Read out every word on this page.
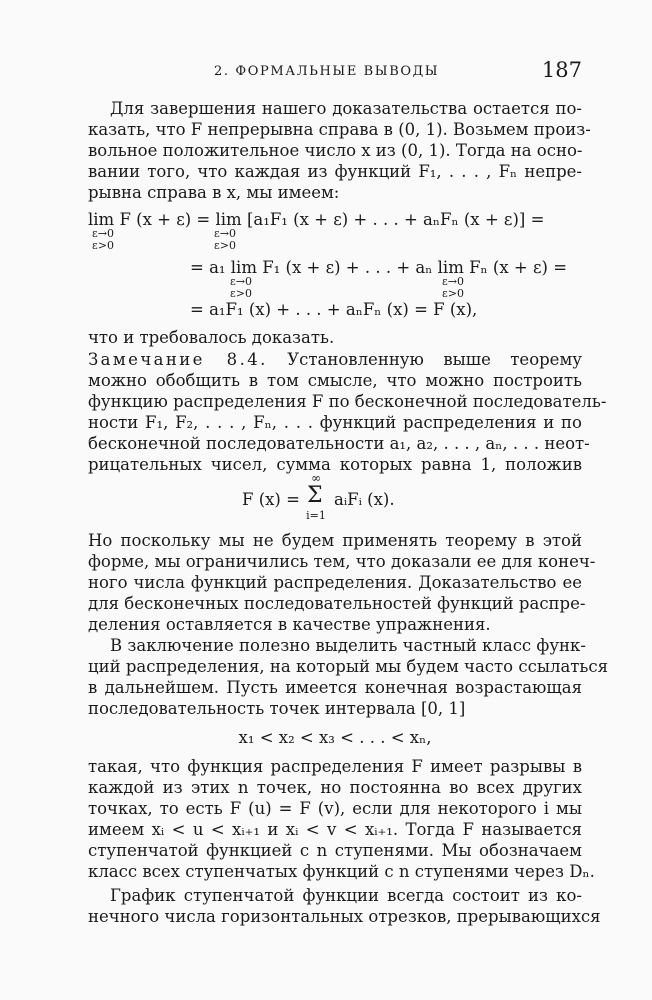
2. ФОРМАЛЬНЫЕ ВЫВОДЫ	187
Для завершения нашего доказательства остается по-
казать, что F непрерывна справа в (0, 1). Возьмем произ-
вольное положительное число x из (0, 1). Тогда на осно-
вании того, что каждая из функций F₁, . . . , Fₙ непре-
рывна справа в x, мы имеем:
lim F (x + ε) = lim [a₁F₁ (x + ε) + . . . + aₙFₙ (x + ε)] =
ε→0
ε>0
ε→0
ε>0
= a₁ lim F₁ (x + ε) + . . . + aₙ lim Fₙ (x + ε) =
ε→0
ε>0
ε→0
ε>0
= a₁F₁ (x) + . . . + aₙFₙ (x) = F (x),
что и требовалось доказать.
Замечание 8.4. Установленную выше теорему
можно обобщить в том смысле, что можно построить
функцию распределения F по бесконечной последователь-
ности F₁, F₂, . . . , Fₙ, . . . функций распределения и по
бесконечной последовательности a₁, a₂, . . . , aₙ, . . . неот-
рицательных чисел, сумма которых равна 1, положив
F (x) =
∞
Σ
i=1
aᵢFᵢ (x).
Но поскольку мы не будем применять теорему в этой
форме, мы ограничились тем, что доказали ее для конеч-
ного числа функций распределения. Доказательство ее
для бесконечных последовательностей функций распре-
деления оставляется в качестве упражнения.
В заключение полезно выделить частный класс функ-
ций распределения, на который мы будем часто ссылаться
в дальнейшем. Пусть имеется конечная возрастающая
последовательность точек интервала [0, 1]
x₁ < x₂ < x₃ < . . . < xₙ,
такая, что функция распределения F имеет разрывы в
каждой из этих n точек, но постоянна во всех других
точках, то есть F (u) = F (v), если для некоторого i мы
имеем xᵢ < u < xᵢ₊₁ и xᵢ < v < xᵢ₊₁. Тогда F называется
ступенчатой функцией с n ступенями. Мы обозначаем
класс всех ступенчатых функций с n ступенями через Dₙ.
График ступенчатой функции всегда состоит из ко-
нечного числа горизонтальных отрезков, прерывающихся
